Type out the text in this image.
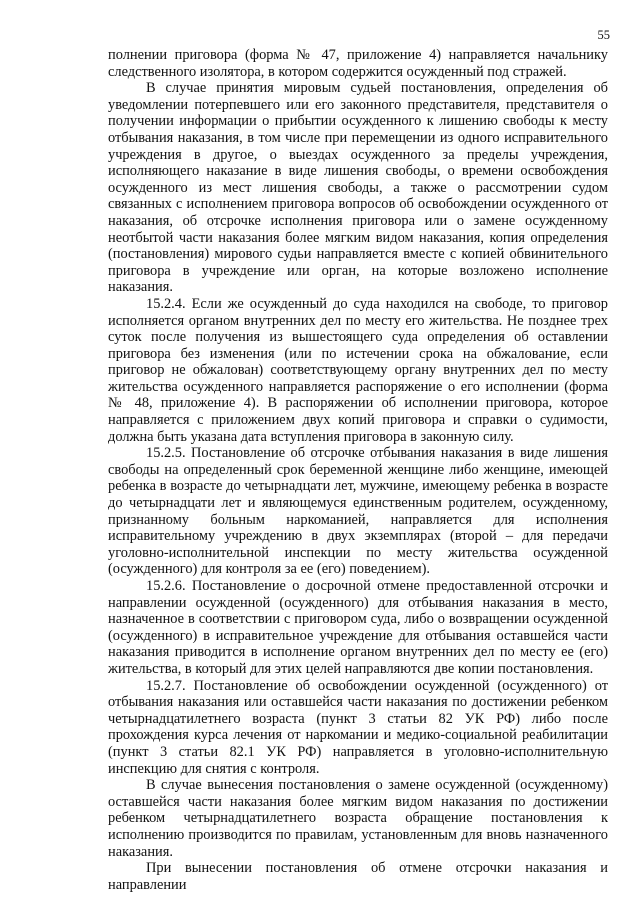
55

полнении приговора (форма № 47, приложение 4) направляется начальнику следственного изолятора, в котором содержится осужденный под стражей.

В случае принятия мировым судьей постановления, определения об уведомлении потерпевшего или его законного представителя, представителя о получении информации о прибытии осужденного к лишению свободы к месту отбывания наказания, в том числе при перемещении из одного исправительного учреждения в другое, о выездах осужденного за пределы учреждения, исполняющего наказание в виде лишения свободы, о времени освобождения осужденного из мест лишения свободы, а также о рассмотрении судом связанных с исполнением приговора вопросов об освобождении осужденного от наказания, об отсрочке исполнения приговора или о замене осужденному неотбытой части наказания более мягким видом наказания, копия определения (постановления) мирового судьи направляется вместе с копией обвинительного приговора в учреждение или орган, на которые возложено исполнение наказания.

15.2.4. Если же осужденный до суда находился на свободе, то приговор исполняется органом внутренних дел по месту его жительства. Не позднее трех суток после получения из вышестоящего суда определения об оставлении приговора без изменения (или по истечении срока на обжалование, если приговор не обжалован) соответствующему органу внутренних дел по месту жительства осужденного направляется распоряжение о его исполнении (форма № 48, приложение 4). В распоряжении об исполнении приговора, которое направляется с приложением двух копий приговора и справки о судимости, должна быть указана дата вступления приговора в законную силу.

15.2.5. Постановление об отсрочке отбывания наказания в виде лишения свободы на определенный срок беременной женщине либо женщине, имеющей ребенка в возрасте до четырнадцати лет, мужчине, имеющему ребенка в возрасте до четырнадцати лет и являющемуся единственным родителем, осужденному, признанному больным наркоманией, направляется для исполнения исправительному учреждению в двух экземплярах (второй – для передачи уголовно-исполнительной инспекции по месту жительства осужденной (осужденного) для контроля за ее (его) поведением).

15.2.6. Постановление о досрочной отмене предоставленной отсрочки и направлении осужденной (осужденного) для отбывания наказания в место, назначенное в соответствии с приговором суда, либо о возвращении осужденной (осужденного) в исправительное учреждение для отбывания оставшейся части наказания приводится в исполнение органом внутренних дел по месту ее (его) жительства, в который для этих целей направляются две копии постановления.

15.2.7. Постановление об освобождении осужденной (осужденного) от отбывания наказания или оставшейся части наказания по достижении ребенком четырнадцатилетнего возраста (пункт 3 статьи 82 УК РФ) либо после прохождения курса лечения от наркомании и медико-социальной реабилитации (пункт 3 статьи 82.1 УК РФ) направляется в уголовно-исполнительную инспекцию для снятия с контроля.

В случае вынесения постановления о замене осужденной (осужденному) оставшейся части наказания более мягким видом наказания по достижении ребенком четырнадцатилетнего возраста обращение постановления к исполнению производится по правилам, установленным для вновь назначенного наказания.

При вынесении постановления об отмене отсрочки наказания и направлении
